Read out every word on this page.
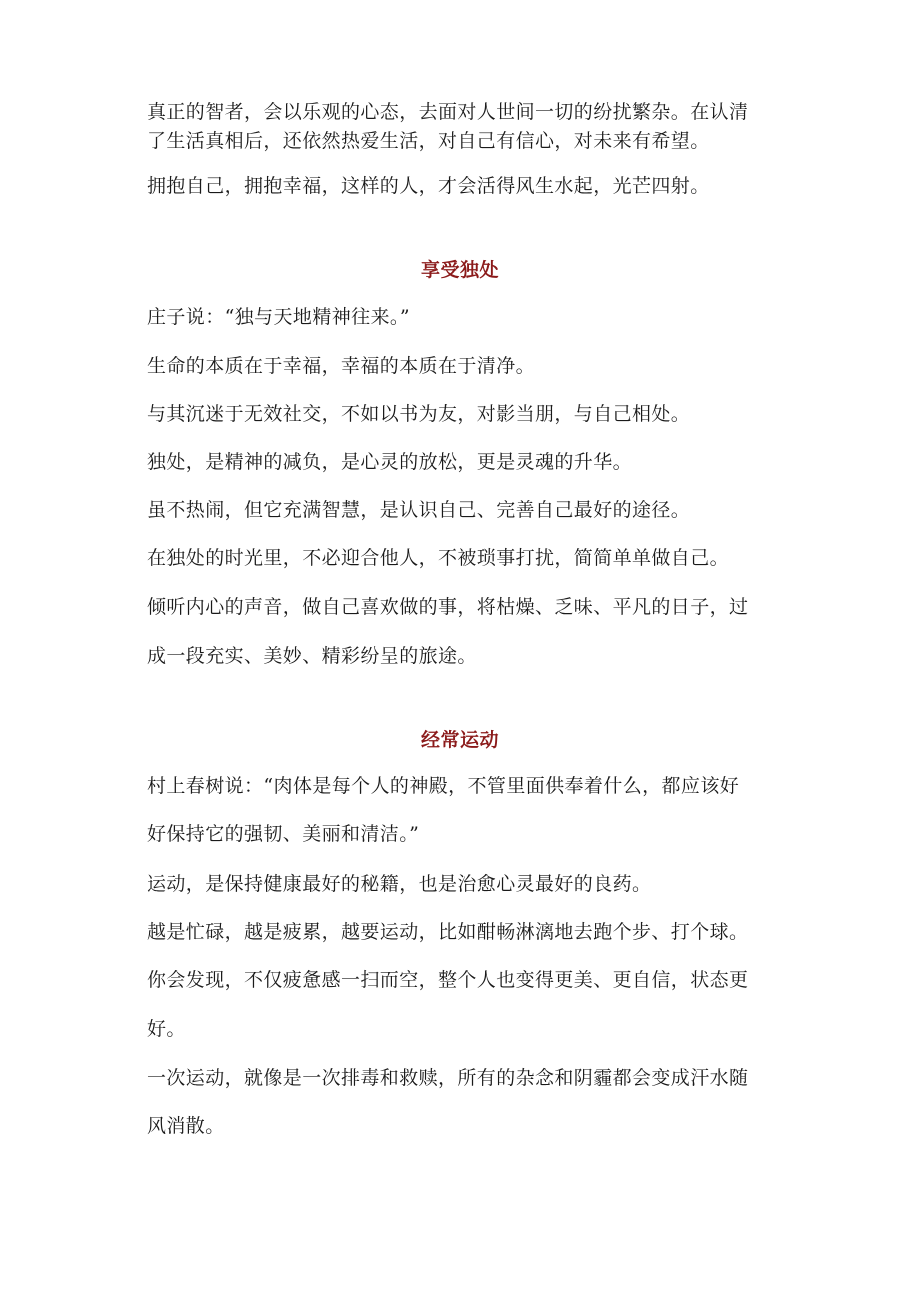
真正的智者，会以乐观的心态，去面对人世间一切的纷扰繁杂。在认清
了生活真相后，还依然热爱生活，对自己有信心，对未来有希望。
拥抱自己，拥抱幸福，这样的人，才会活得风生水起，光芒四射。
享受独处
庄子说：“独与天地精神往来。”
生命的本质在于幸福，幸福的本质在于清净。
与其沉迷于无效社交，不如以书为友，对影当朋，与自己相处。
独处，是精神的减负，是心灵的放松，更是灵魂的升华。
虽不热闹，但它充满智慧，是认识自己、完善自己最好的途径。
在独处的时光里，不必迎合他人，不被琐事打扰，简简单单做自己。
倾听内心的声音，做自己喜欢做的事，将枯燥、乏味、平凡的日子，过
成一段充实、美妙、精彩纷呈的旅途。
经常运动
村上春树说：“肉体是每个人的神殿，不管里面供奉着什么，都应该好
好保持它的强韧、美丽和清洁。”
运动，是保持健康最好的秘籍，也是治愈心灵最好的良药。
越是忙碌，越是疲累，越要运动，比如酣畅淋漓地去跑个步、打个球。
你会发现，不仅疲惫感一扫而空，整个人也变得更美、更自信，状态更
好。
一次运动，就像是一次排毒和救赎，所有的杂念和阴霾都会变成汗水随
风消散。
